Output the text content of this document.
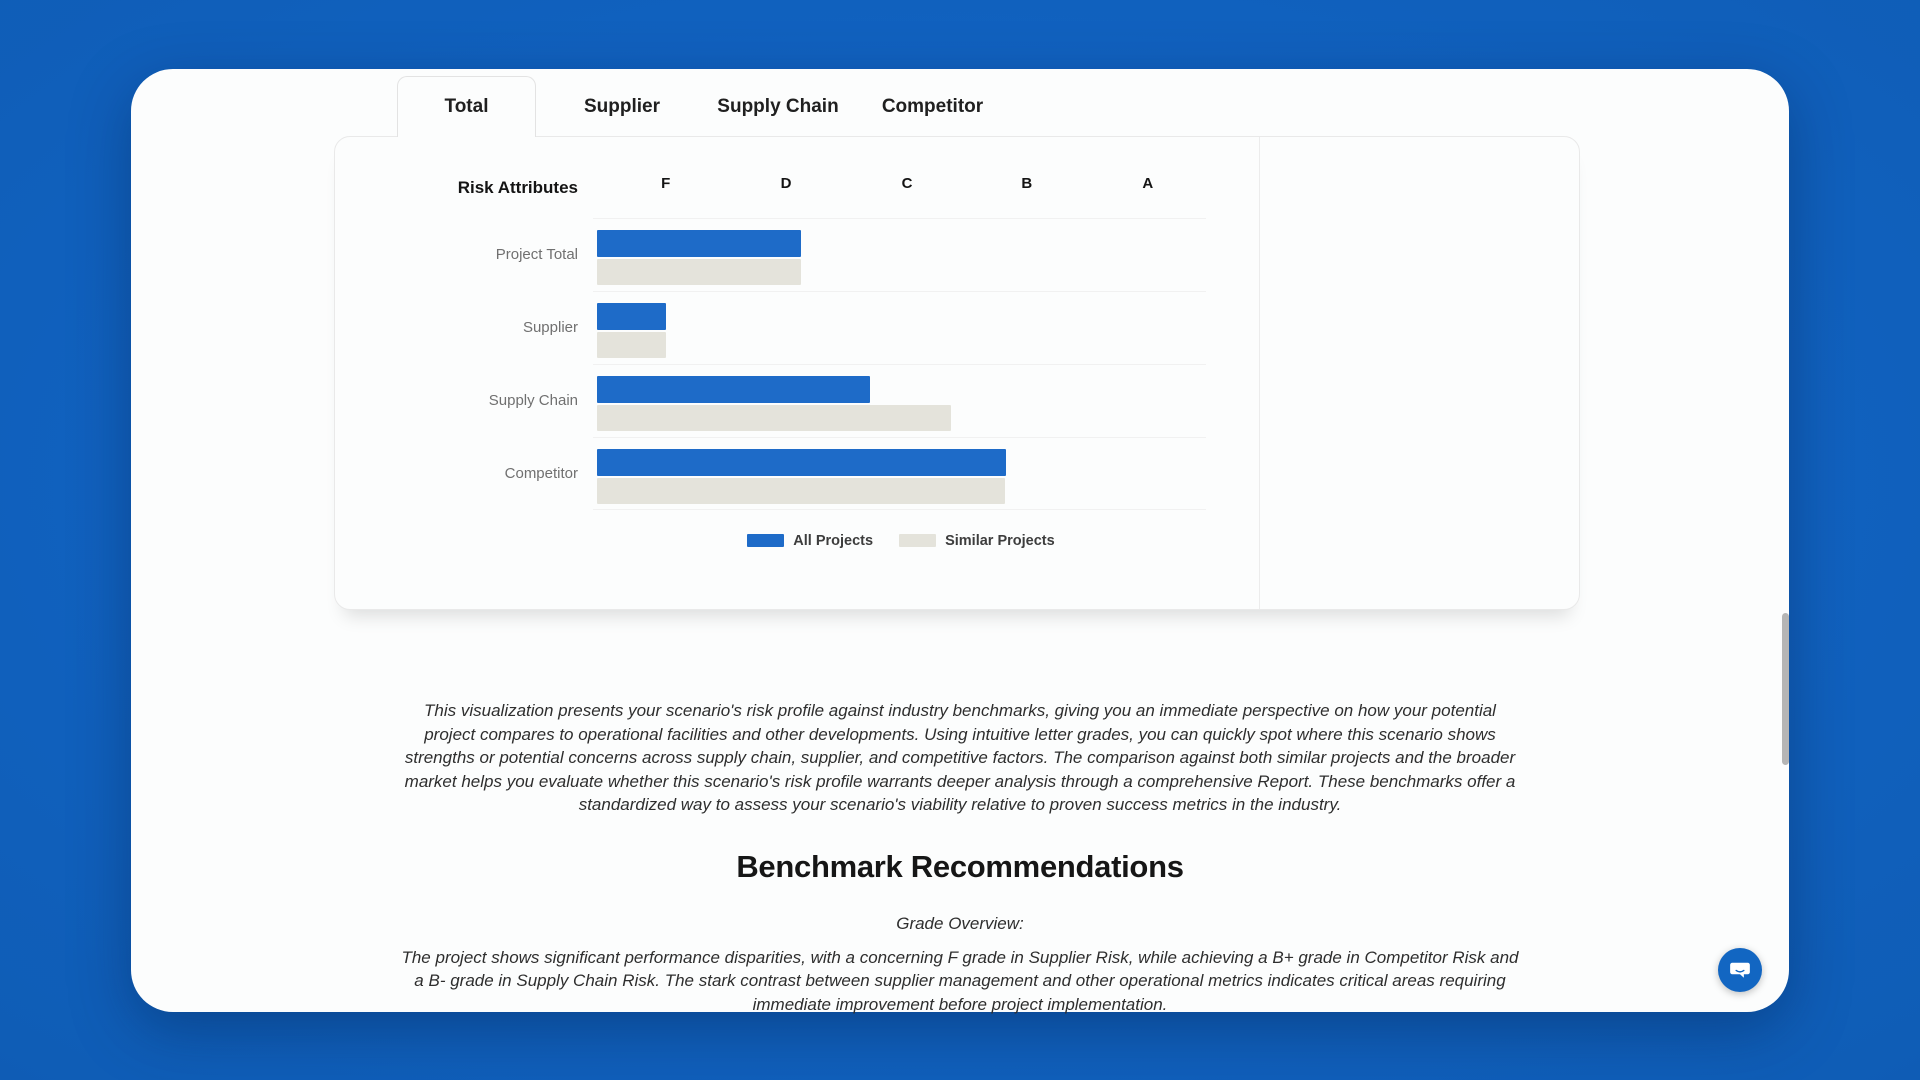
Total	Supplier	Supply Chain Competitor
Risk Attributes	F	D	C	B	A
Project Total
Supplier
Supply Chain
Competitor
All Projects	Similar Projects

This visualization presents your scenario's risk profile against industry benchmarks, giving you an immediate perspective on how your potential project compares to operational facilities and other developments. Using intuitive letter grades, you can quickly spot where this scenario shows strengths or potential concerns across supply chain, supplier, and competitive factors. The comparison against both similar projects and the broader market helps you evaluate whether this scenario's risk profile warrants deeper analysis through a comprehensive Report. These benchmarks offer a standardized way to assess your scenario's viability relative to proven success metrics in the industry.

Benchmark Recommendations

Grade Overview:

The project shows significant performance disparities, with a concerning F grade in Supplier Risk, while achieving a B+ grade in Competitor Risk and a B- grade in Supply Chain Risk. The stark contrast between supplier management and other operational metrics indicates critical areas requiring immediate improvement before project implementation.
